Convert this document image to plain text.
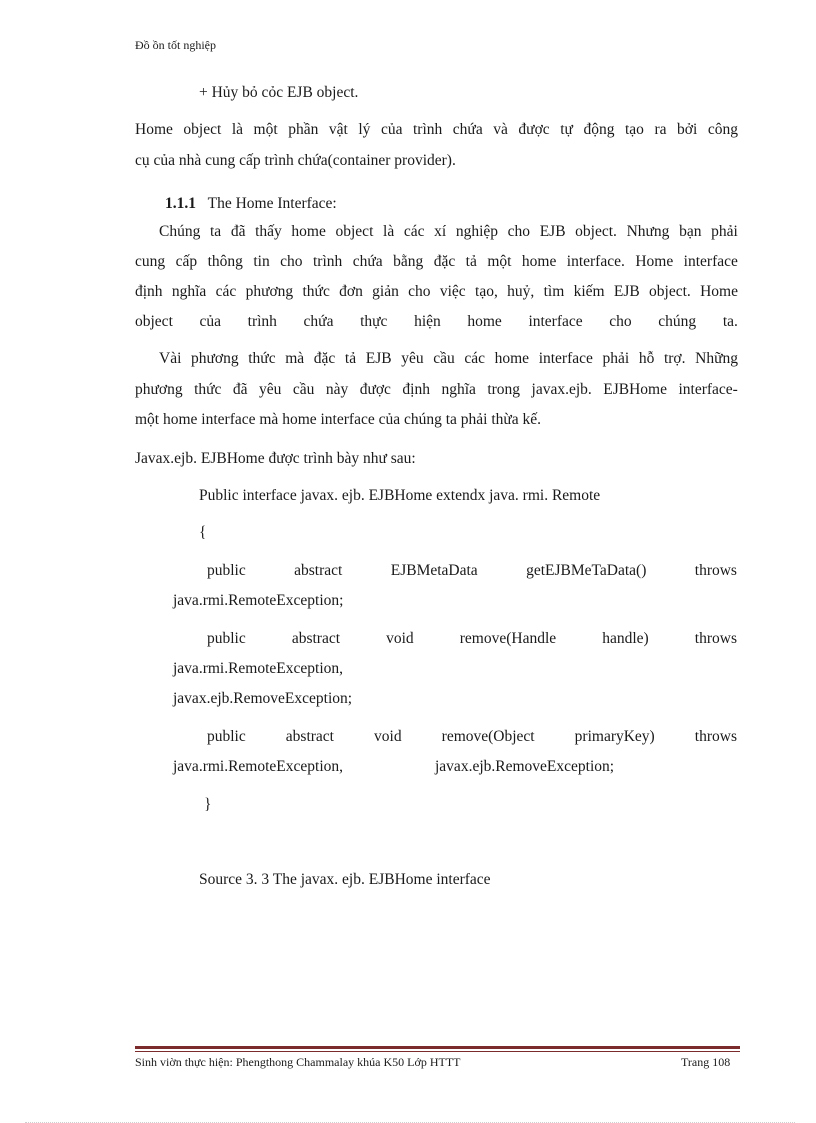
Đồ ồn tốt nghiệp
+ Hủy bỏ cỏc EJB object.
Home object là một phần vật lý của trình chứa và được tự động tạo ra bởi công
cụ của nhà cung cấp trình chứa(container provider).
1.1.1 The Home Interface:
Chúng ta đã thấy home object là các xí nghiệp cho EJB object. Nhưng bạn phải
cung cấp thông tin cho trình chứa bằng đặc tả một home interface. Home interface
định nghĩa các phương thức đơn giản cho việc tạo, huỷ, tìm kiếm EJB object. Home
object của trình chứa thực hiện home interface cho chúng ta.
Vài phương thức mà đặc tả EJB yêu cầu các home interface phải hỗ trợ. Những
phương thức đã yêu cầu này được định nghĩa trong javax.ejb. EJBHome interface-
một home interface mà home interface của chúng ta phải thừa kế.
Javax.ejb. EJBHome được trình bày như sau:
Public interface javax. ejb. EJBHome extendx java. rmi. Remote
{
public	abstract	EJBMetaData	getEJBMeTaData()	throws
java.rmi.RemoteException;
public	abstract	void	remove(Handle	handle)	throws
java.rmi.RemoteException,
javax.ejb.RemoveException;
public	abstract	void	remove(Object	primaryKey)	throws
java.rmi.RemoteException,	javax.ejb.RemoveException;
}
Source 3. 3 The javax. ejb. EJBHome interface
Sinh viờn thực hiện: Phengthong Chammalay khúa K50 Lớp HTTT	Trang 108
